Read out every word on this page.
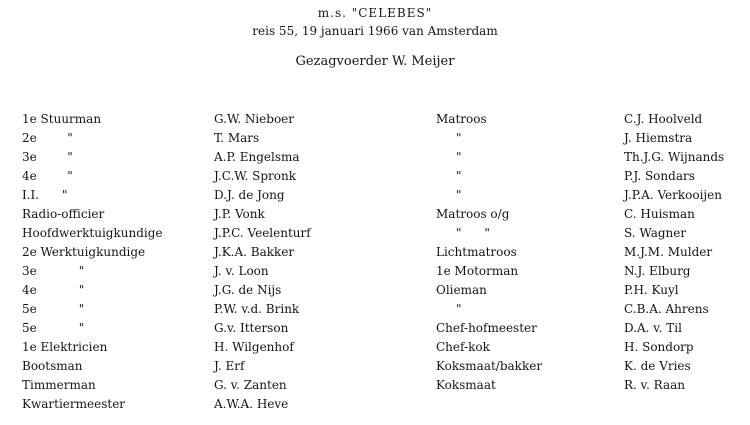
m.s. "CELEBES"
reis 55, 19 januari 1966 van Amsterdam
Gezagvoerder W. Meijer
1e Stuurman
2e        "
3e        "
4e        "
I.I.      "
Radio-officier
Hoofdwerktuigkundige
2e Werktuigkundige
3e           "
4e           "
5e           "
5e           "
1e Elektricien
Bootsman
Timmerman
Kwartiermeester
G.W. Nieboer
T. Mars
A.P. Engelsma
J.C.W. Spronk
D.J. de Jong
J.P. Vonk
J.P.C. Veelenturf
J.K.A. Bakker
J. v. Loon
J.G. de Nijs
P.W. v.d. Brink
G.v. Itterson
H. Wilgenhof
J. Erf
G. v. Zanten
A.W.A. Heve
Matroos
"
"
"
"
Matroos o/g
"      "
Lichtmatroos
1e Motorman
Olieman
"
Chef-hofmeester
Chef-kok
Koksmaat/bakker
Koksmaat
C.J. Hoolveld
J. Hiemstra
Th.J.G. Wijnands
P.J. Sondars
J.P.A. Verkooijen
C. Huisman
S. Wagner
M.J.M. Mulder
N.J. Elburg
P.H. Kuyl
C.B.A. Ahrens
D.A. v. Til
H. Sondorp
K. de Vries
R. v. Raan
